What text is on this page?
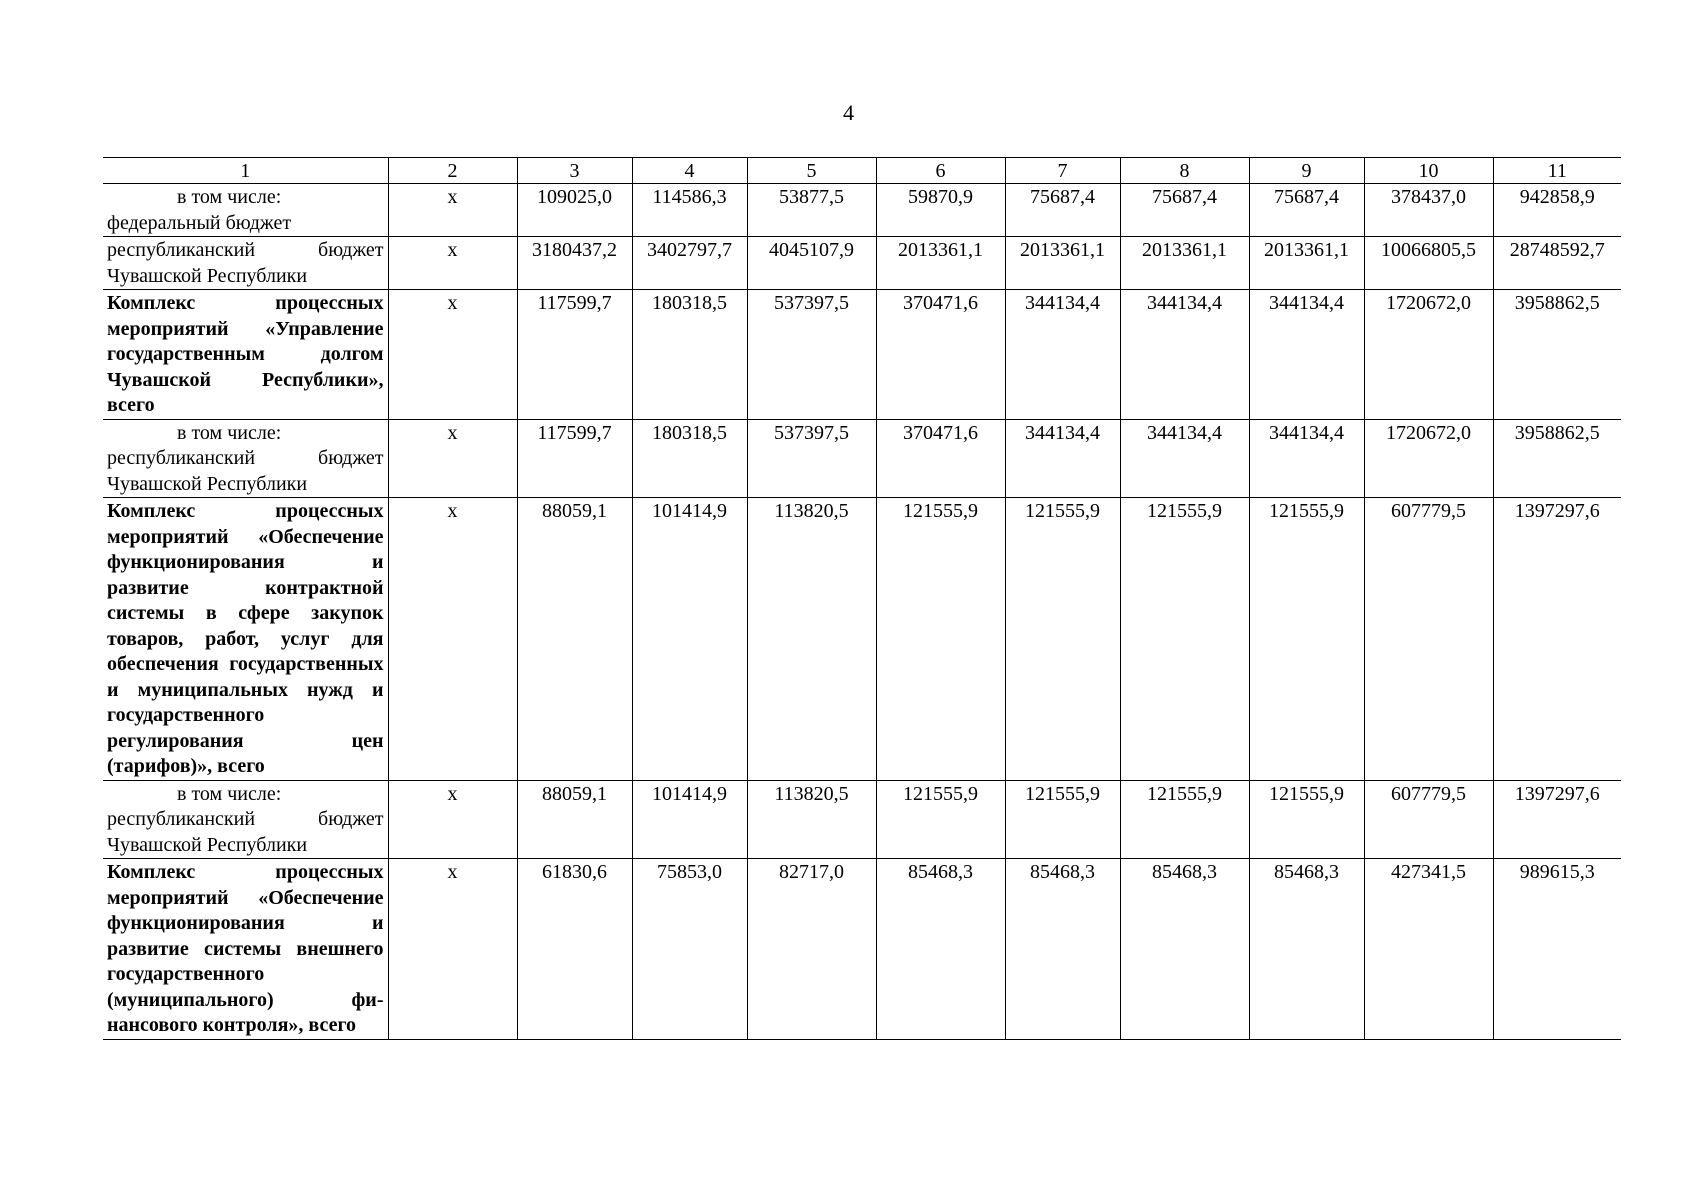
4
1	2	3	4	5	6	7	8	9	10	11

в том числе:
федеральный бюджет	x	109025,0	114586,3	53877,5	59870,9	75687,4	75687,4	75687,4	378437,0	942858,9
республиканский бюджет Чувашской Республики	x	3180437,2	3402797,7	4045107,9	2013361,1	2013361,1	2013361,1	2013361,1	10066805,5	28748592,7
Комплекс процессных мероприятий «Управление государственным долгом Чувашской Республики», всего	x	117599,7	180318,5	537397,5	370471,6	344134,4	344134,4	344134,4	1720672,0	3958862,5

в том числе:
республиканский бюджет Чувашской Республики	x	117599,7	180318,5	537397,5	370471,6	344134,4	344134,4	344134,4	1720672,0	3958862,5
Комплекс процессных мероприятий «Обеспечение функционирования и развитие контрактной системы в сфере закупок товаров, работ, услуг для обеспечения государственных и муниципальных нужд и государственного регулирования цен (тарифов)», всего	x	88059,1	101414,9	113820,5	121555,9	121555,9	121555,9	121555,9	607779,5	1397297,6

в том числе:
республиканский бюджет Чувашской Республики	x	88059,1	101414,9	113820,5	121555,9	121555,9	121555,9	121555,9	607779,5	1397297,6
Комплекс процессных мероприятий «Обеспечение функционирования и развитие системы внешнего государственного (муниципального) финансового контроля», всего	x	61830,6	75853,0	82717,0	85468,3	85468,3	85468,3	85468,3	427341,5	989615,3
